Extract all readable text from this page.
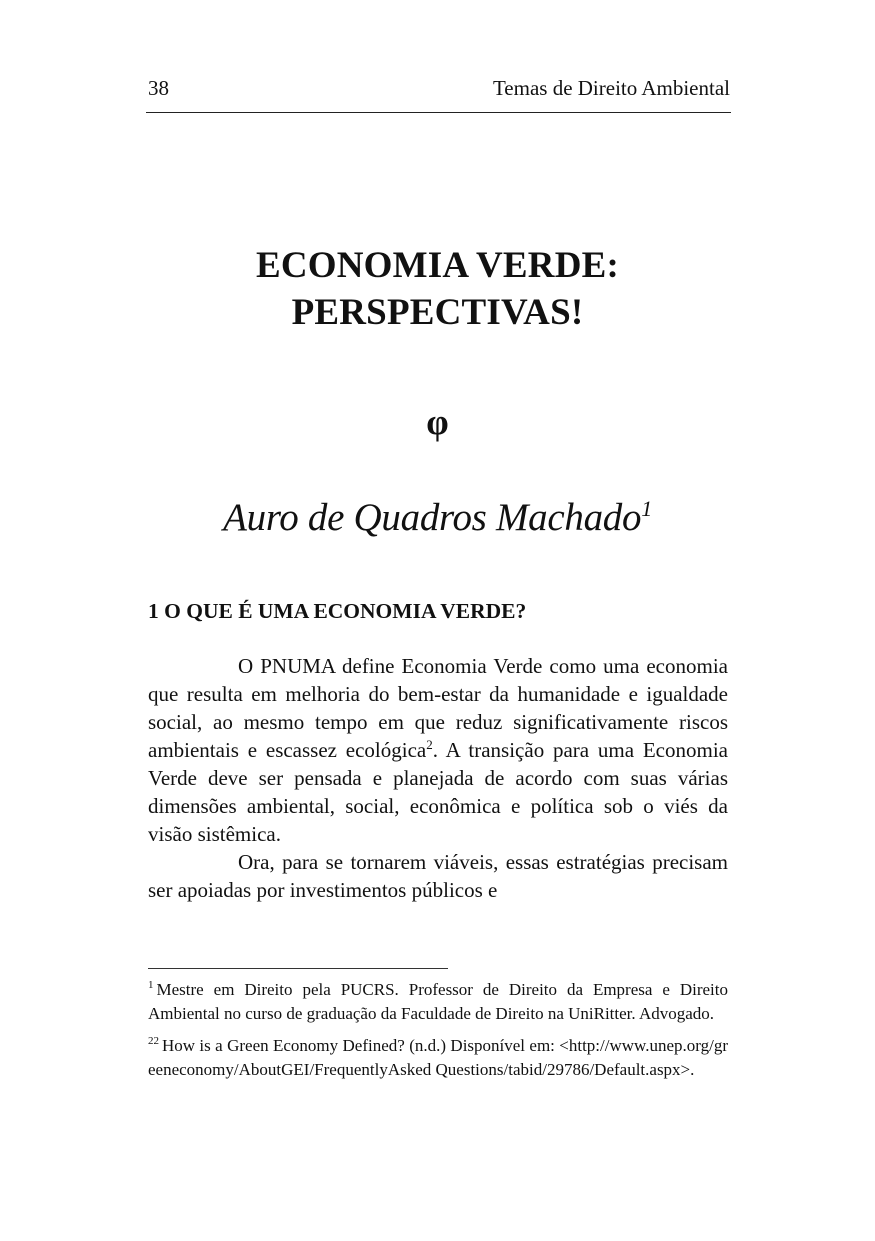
38	Temas de Direito Ambiental
ECONOMIA VERDE:
PERSPECTIVAS!
φ
Auro de Quadros Machado$^1$
1 O QUE É UMA ECONOMIA VERDE?

O PNUMA define Economia Verde como uma economia que resulta em melhoria do bem-estar da humanidade e igualdade social, ao mesmo tempo em que reduz significativamente riscos ambientais e escassez ecológica$^2$. A transição para uma Economia Verde deve ser pensada e planejada de acordo com suas várias dimensões ambiental, social, econômica e política sob o viés da visão sistêmica.

Ora, para se tornarem viáveis, essas estratégias precisam ser apoiadas por investimentos públicos e

$^1$ Mestre em Direito pela PUCRS. Professor de Direito da Empresa e Direito Ambiental no curso de graduação da Faculdade de Direito na UniRitter. Advogado.

$^{22}$ How is a Green Economy Defined? (n.d.) Disponível em: <http://www.unep.org/greeneconomy/AboutGEI/FrequentlyAsked Questions/tabid/29786/Default.aspx>.
